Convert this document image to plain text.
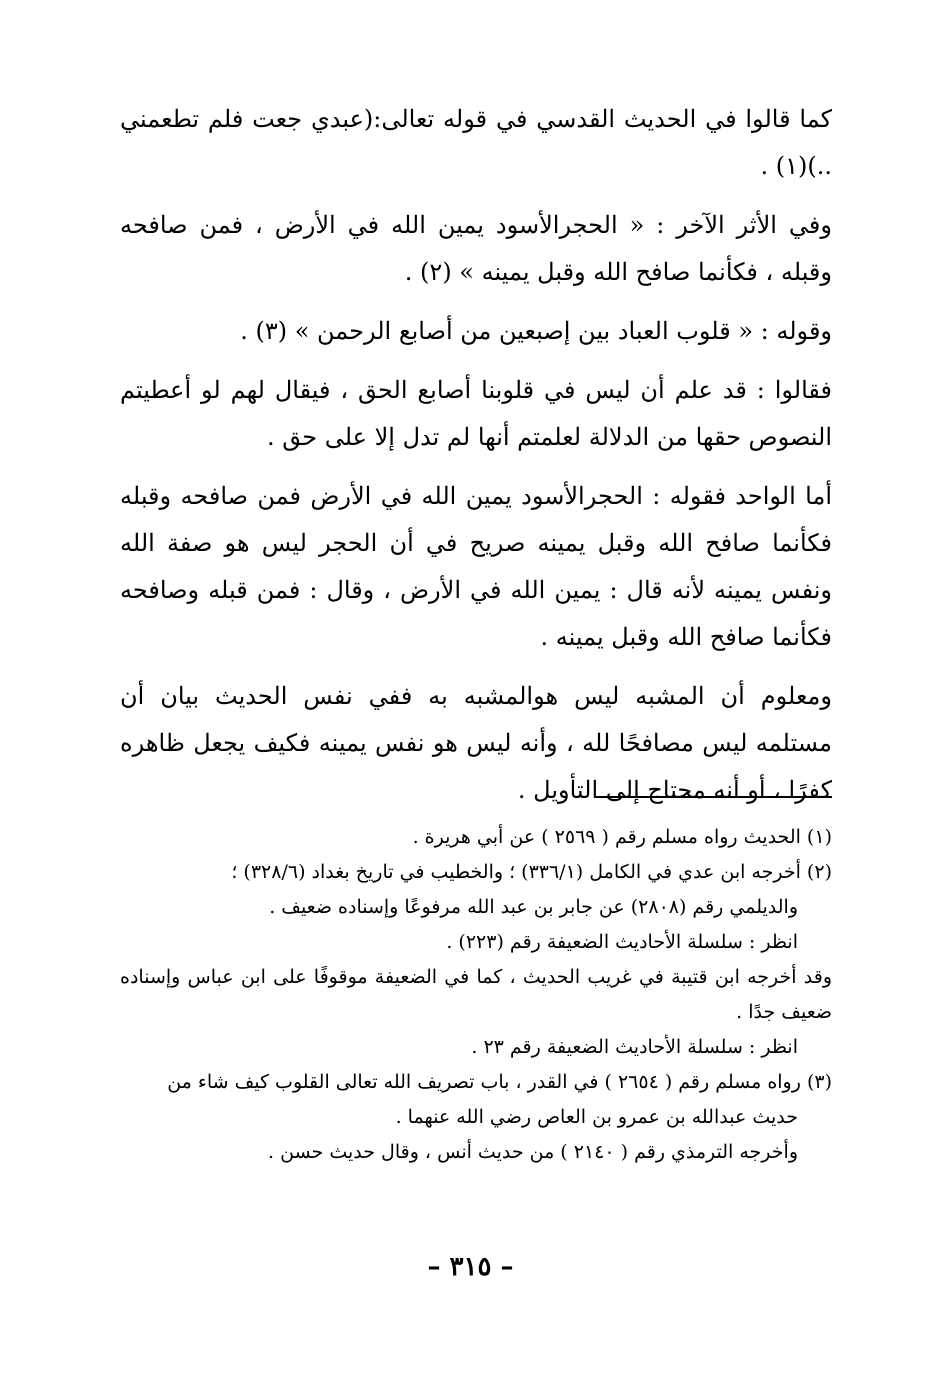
كما قالوا في الحديث القدسي في قوله تعالى:(عبدي جعت فلم تطعمني ..)(١) .

وفي الأثر الآخر : « الحجرالأسود يمين الله في الأرض ، فمن صافحه وقبله ، فكأنما صافح الله وقبل يمينه » (٢) .

وقوله : « قلوب العباد بين إصبعين من أصابع الرحمن » (٣) .

فقالوا : قد علم أن ليس في قلوبنا أصابع الحق ، فيقال لهم لو أعطيتم النصوص حقها من الدلالة لعلمتم أنها لم تدل إلا على حق .

أما الواحد فقوله : الحجرالأسود يمين الله في الأرض فمن صافحه وقبله فكأنما صافح الله وقبل يمينه صريح في أن الحجر ليس هو صفة الله ونفس يمينه لأنه قال : يمين الله في الأرض ، وقال : فمن قبله وصافحه فكأنما صافح الله وقبل يمينه .

ومعلوم أن المشبه ليس هوالمشبه به ففي نفس الحديث بيان أن مستلمه ليس مصافحًا لله ، وأنه ليس هو نفس يمينه فكيف يجعل ظاهره كفرًا ، أو أنه محتاج إلى التأويل .

(١) الحديث رواه مسلم رقم ( ٢٥٦٩ ) عن أبي هريرة .

(٢) أخرجه ابن عدي في الكامل (٣٣٦/١) ؛ والخطيب في تاريخ بغداد (٣٢٨/٦) ؛
والديلمي رقم (٢٨٠٨) عن جابر بن عبد الله مرفوعًا وإسناده ضعيف .
انظر : سلسلة الأحاديث الضعيفة رقم (٢٢٣) .
وقد أخرجه ابن قتيبة في غريب الحديث ، كما في الضعيفة موقوفًا على ابن عباس وإسناده ضعيف جدًا .
انظر : سلسلة الأحاديث الضعيفة رقم ٢٣ .

(٣) رواه مسلم رقم ( ٢٦٥٤ ) في القدر ، باب تصريف الله تعالى القلوب كيف شاء من
حديث عبدالله بن عمرو بن العاص رضي الله عنهما .
وأخرجه الترمذي رقم ( ٢١٤٠ ) من حديث أنس ، وقال حديث حسن .

– ٣١٥ –
